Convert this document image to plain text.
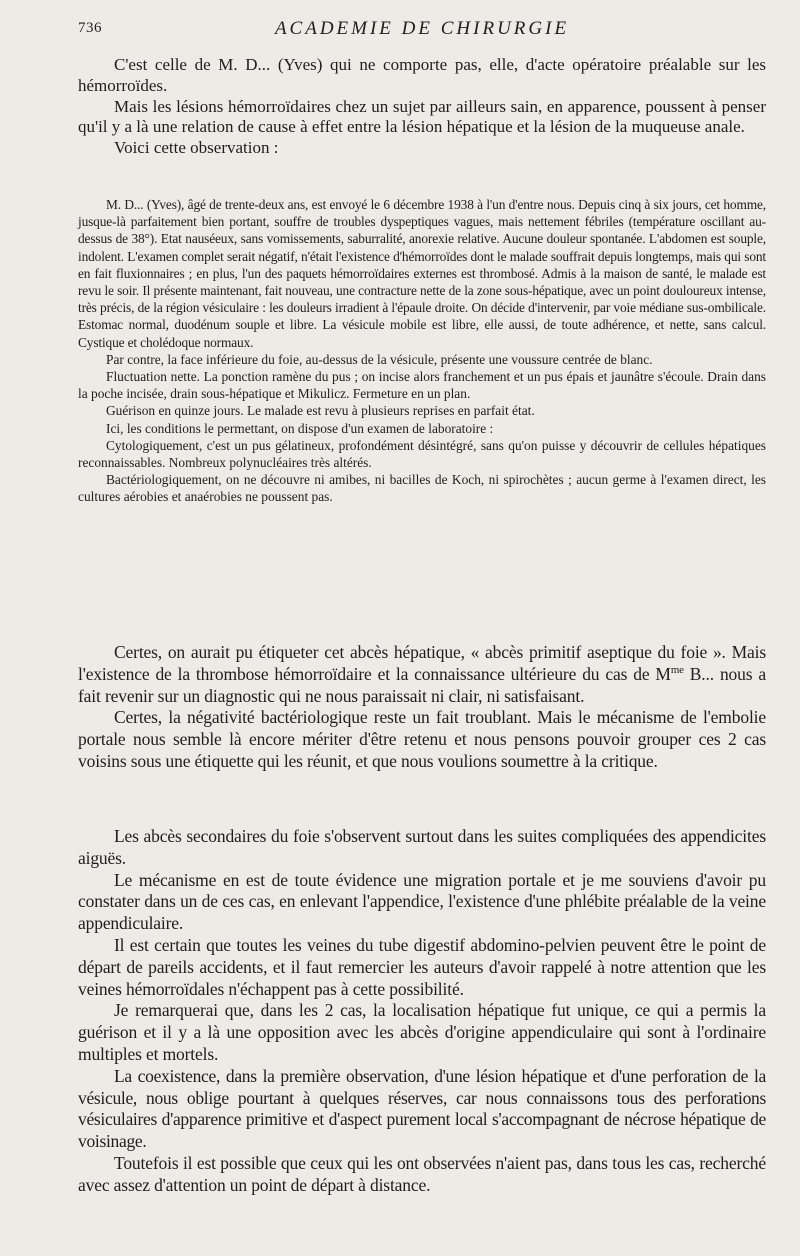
736	ACADEMIE DE CHIRURGIE

C'est celle de M. D... (Yves) qui ne comporte pas, elle, d'acte opératoire préalable sur les hémorroïdes.

Mais les lésions hémorroïdaires chez un sujet par ailleurs sain, en apparence, poussent à penser qu'il y a là une relation de cause à effet entre la lésion hépatique et la lésion de la muqueuse anale.

Voici cette observation :

M. D... (Yves), âgé de trente-deux ans, est envoyé le 6 décembre 1938 à l'un d'entre nous. Depuis cinq à six jours, cet homme, jusque-là parfaitement bien portant, souffre de troubles dyspeptiques vagues, mais nettement fébriles (température oscillant au-dessus de 38°). Etat nauséeux, sans vomissements, saburralité, anorexie relative. Aucune douleur spontanée. L'abdomen est souple, indolent. L'examen complet serait négatif, n'était l'existence d'hémorroïdes dont le malade souffrait depuis longtemps, mais qui sont en fait fluxionnaires ; en plus, l'un des paquets hémorroïdaires externes est thrombosé. Admis à la maison de santé, le malade est revu le soir. Il présente maintenant, fait nouveau, une contracture nette de la zone sous-hépatique, avec un point douloureux intense, très précis, de la région vésiculaire : les douleurs irradient à l'épaule droite. On décide d'intervenir, par voie médiane sus-ombilicale. Estomac normal, duodénum souple et libre. La vésicule mobile est libre, elle aussi, de toute adhérence, et nette, sans calcul. Cystique et cholédoque normaux.

Par contre, la face inférieure du foie, au-dessus de la vésicule, présente une voussure centrée de blanc.

Fluctuation nette. La ponction ramène du pus ; on incise alors franchement et un pus épais et jaunâtre s'écoule. Drain dans la poche incisée, drain sous-hépatique et Mikulicz. Fermeture en un plan.

Guérison en quinze jours. Le malade est revu à plusieurs reprises en parfait état.

Ici, les conditions le permettant, on dispose d'un examen de laboratoire :

Cytologiquement, c'est un pus gélatineux, profondément désintégré, sans qu'on puisse y découvrir de cellules hépatiques reconnaissables. Nombreux polynucléaires très altérés.

Bactériologiquement, on ne découvre ni amibes, ni bacilles de Koch, ni spirochètes ; aucun germe à l'examen direct, les cultures aérobies et anaérobies ne poussent pas.

Certes, on aurait pu étiqueter cet abcès hépatique, « abcès primitif aseptique du foie ». Mais l'existence de la thrombose hémorroïdaire et la connaissance ultérieure du cas de $M^{me}$ B... nous a fait revenir sur un diagnostic qui ne nous paraissait ni clair, ni satisfaisant.

Certes, la négativité bactériologique reste un fait troublant. Mais le mécanisme de l'embolie portale nous semble là encore mériter d'être retenu et nous pensons pouvoir grouper ces 2 cas voisins sous une étiquette qui les réunit, et que nous voulions soumettre à la critique.

Les abcès secondaires du foie s'observent surtout dans les suites compliquées des appendicites aiguës.

Le mécanisme en est de toute évidence une migration portale et je me souviens d'avoir pu constater dans un de ces cas, en enlevant l'appendice, l'existence d'une phlébite préalable de la veine appendiculaire.

Il est certain que toutes les veines du tube digestif abdomino-pelvien peuvent être le point de départ de pareils accidents, et il faut remercier les auteurs d'avoir rappelé à notre attention que les veines hémorroïdales n'échappent pas à cette possibilité.

Je remarquerai que, dans les 2 cas, la localisation hépatique fut unique, ce qui a permis la guérison et il y a là une opposition avec les abcès d'origine appendiculaire qui sont à l'ordinaire multiples et mortels.

La coexistence, dans la première observation, d'une lésion hépatique et d'une perforation de la vésicule, nous oblige pourtant à quelques réserves, car nous connaissons tous des perforations vésiculaires d'apparence primitive et d'aspect purement local s'accompagnant de nécrose hépatique de voisinage.

Toutefois il est possible que ceux qui les ont observées n'aient pas, dans tous les cas, recherché avec assez d'attention un point de départ à distance.
